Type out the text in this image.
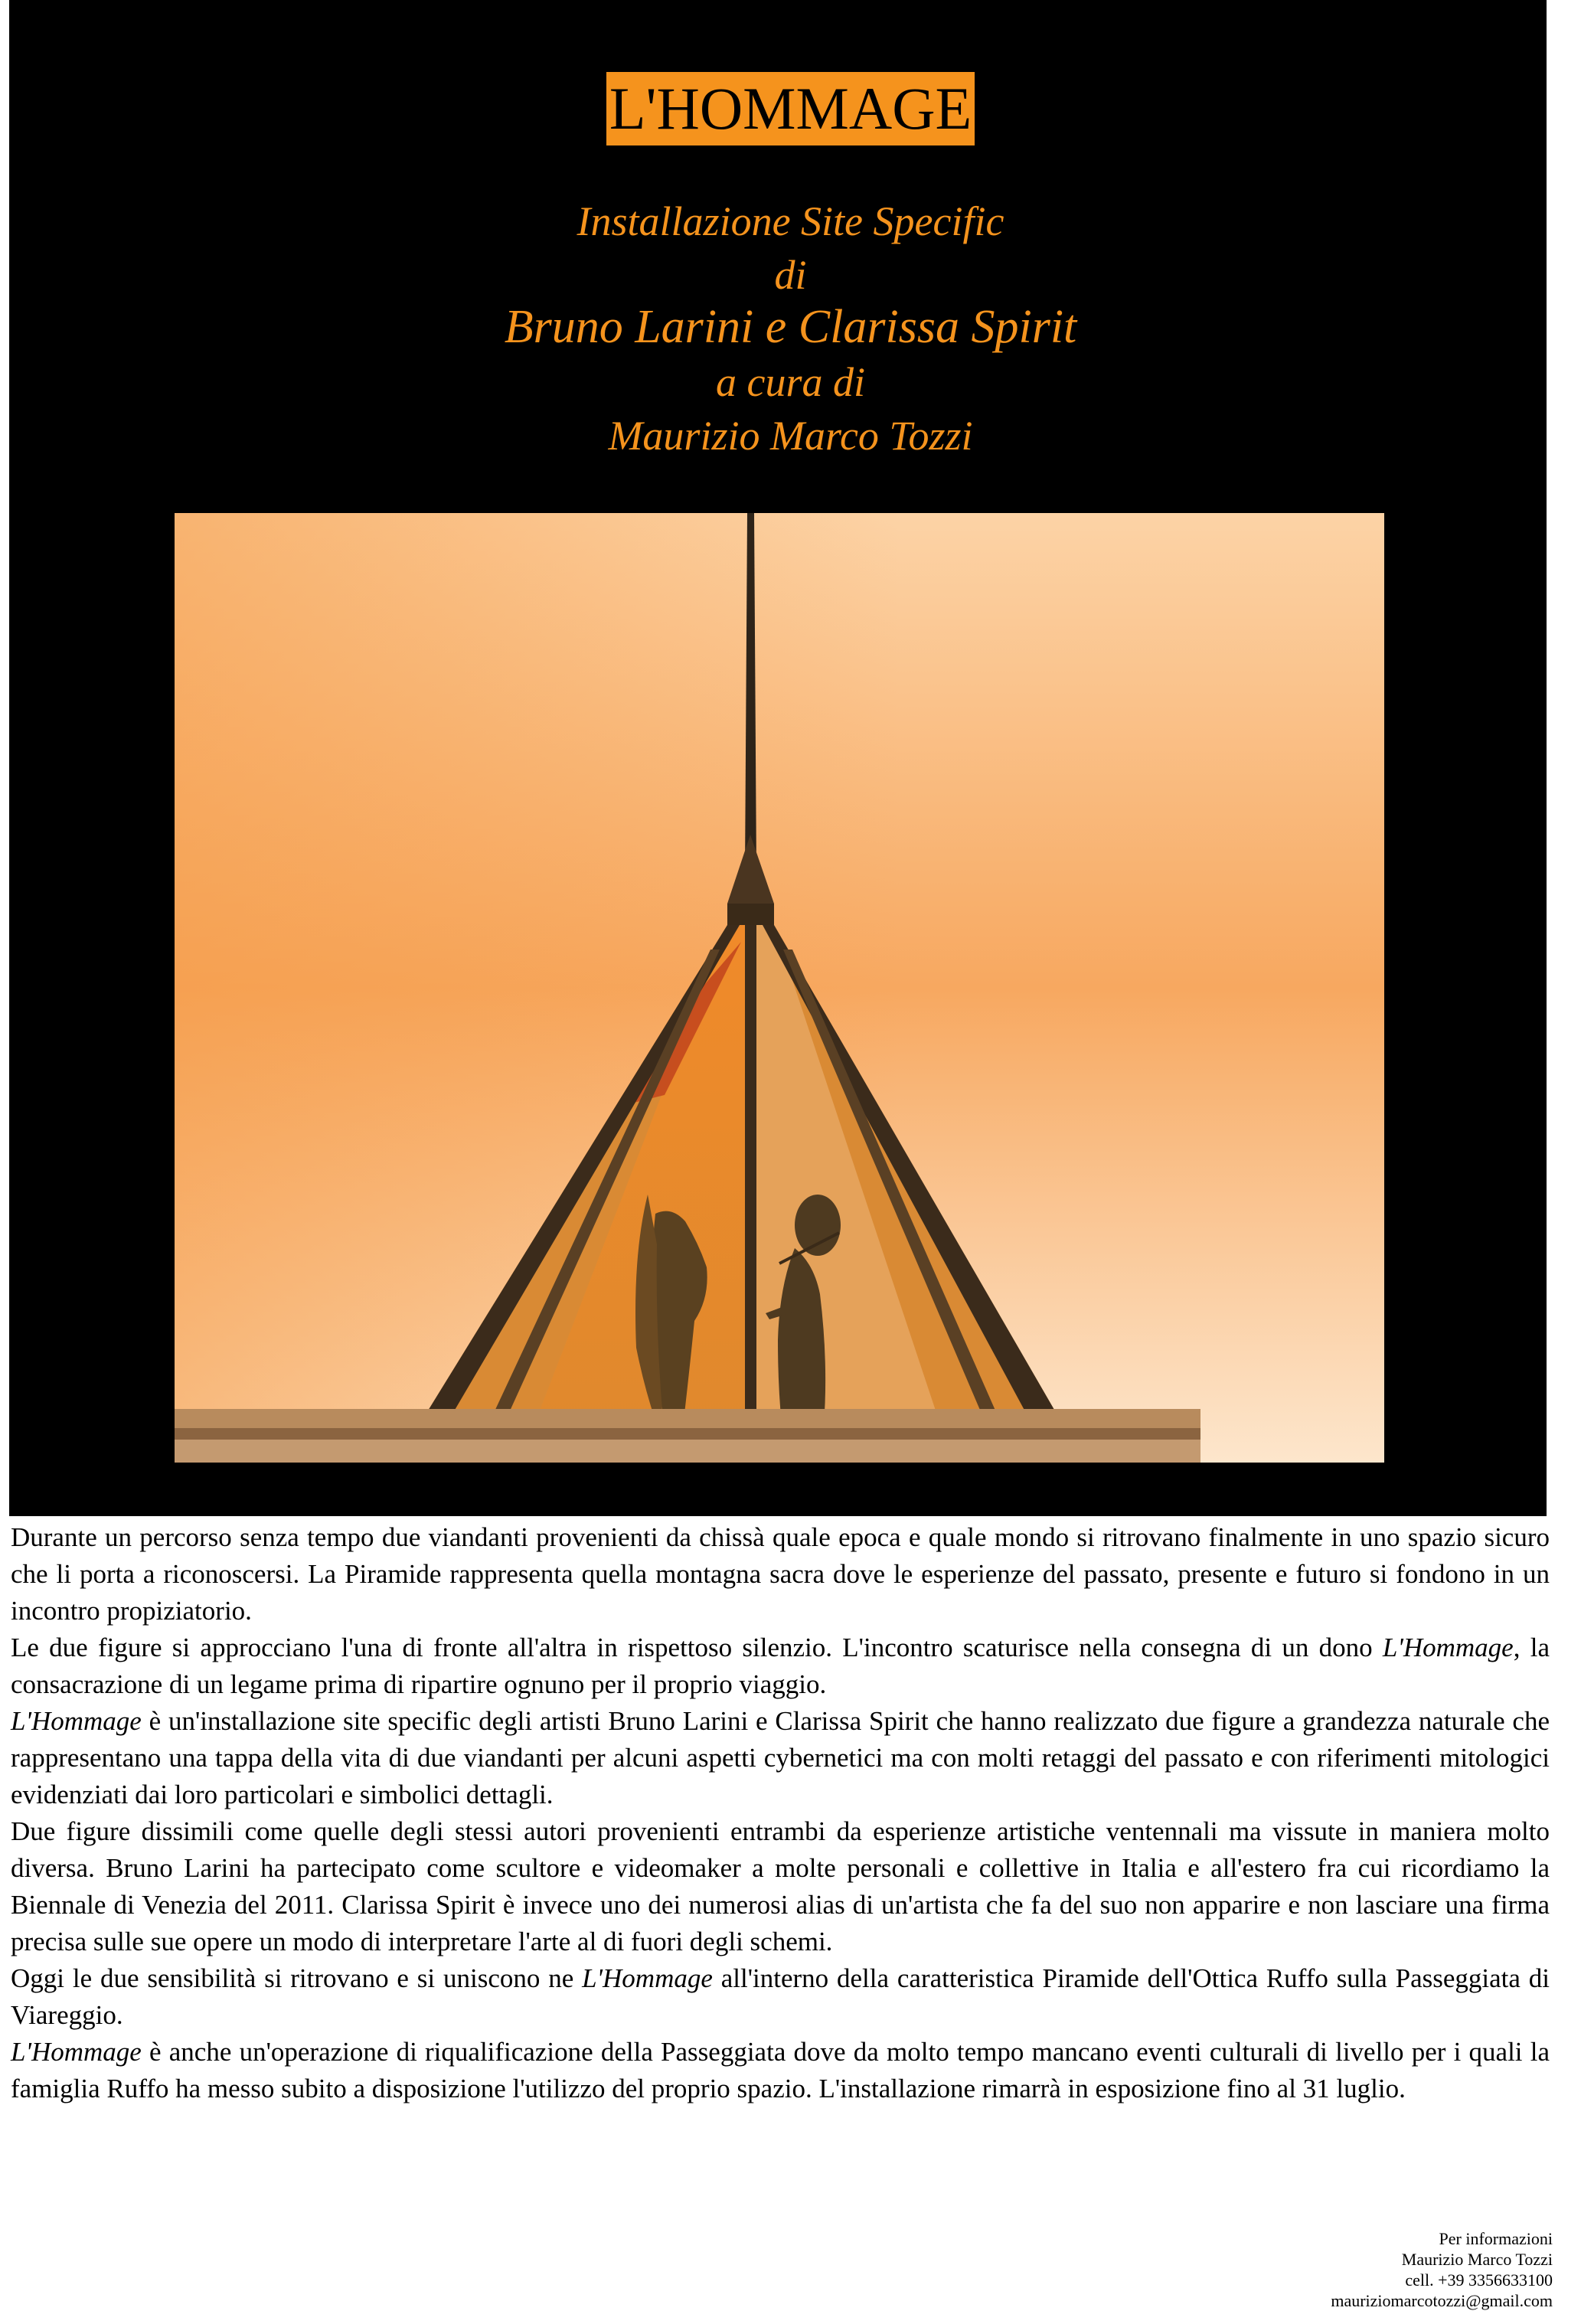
L'HOMMAGE
Installazione Site Specific
di
Bruno Larini e Clarissa Spirit
a cura di
Maurizio Marco Tozzi

Durante un percorso senza tempo due viandanti provenienti da chissà quale epoca e quale mondo si ritrovano finalmente in uno spazio sicuro che li porta a riconoscersi. La Piramide rappresenta quella montagna sacra dove le esperienze del passato, presente e futuro si fondono in un incontro propiziatorio.

Le due figure si approcciano l'una di fronte all'altra in rispettoso silenzio. L'incontro scaturisce nella consegna di un dono L'Hommage, la consacrazione di un legame prima di ripartire ognuno per il proprio viaggio.

L'Hommage è un'installazione site specific degli artisti Bruno Larini e Clarissa Spirit che hanno realizzato due figure a grandezza naturale che rappresentano una tappa della vita di due viandanti per alcuni aspetti cybernetici ma con molti retaggi del passato e con riferimenti mitologici evidenziati dai loro particolari e simbolici dettagli.

Due figure dissimili come quelle degli stessi autori provenienti entrambi da esperienze artistiche ventennali ma vissute in maniera molto diversa. Bruno Larini ha partecipato come scultore e videomaker a molte personali e collettive in Italia e all'estero fra cui ricordiamo la Biennale di Venezia del 2011. Clarissa Spirit è invece uno dei numerosi alias di un'artista che fa del suo non apparire e non lasciare una firma precisa sulle sue opere un modo di interpretare l'arte al di fuori degli schemi.

Oggi le due sensibilità si ritrovano e si uniscono ne L'Hommage all'interno della caratteristica Piramide dell'Ottica Ruffo sulla Passeggiata di Viareggio.

L'Hommage è anche un'operazione di riqualificazione della Passeggiata dove da molto tempo mancano eventi culturali di livello per i quali la famiglia Ruffo ha messo subito a disposizione l'utilizzo del proprio spazio. L'installazione rimarrà in esposizione fino al 31 luglio.

Per informazioni
Maurizio Marco Tozzi
cell. +39 3356633100
mauriziomarcotozzi@gmail.com
